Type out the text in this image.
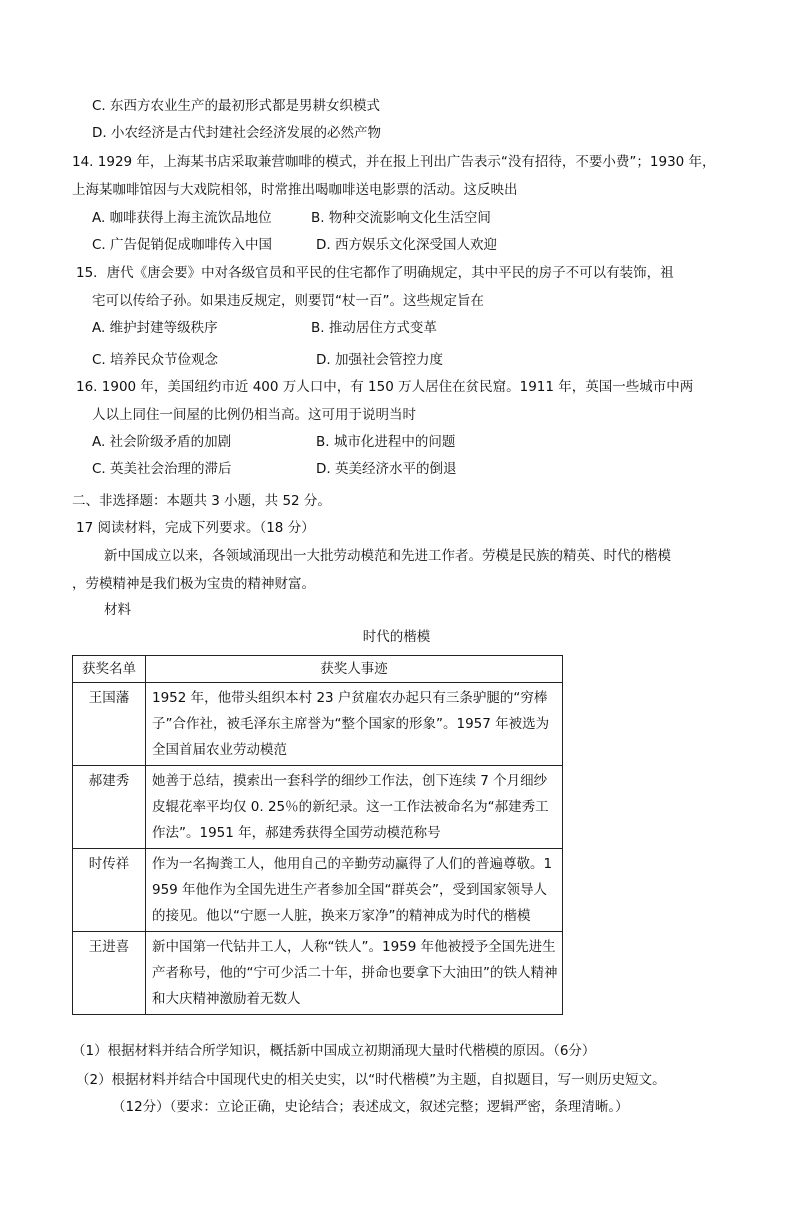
C. 东西方农业生产的最初形式都是男耕女织模式
D. 小农经济是古代封建社会经济发展的必然产物
14. 1929 年，上海某书店采取兼营咖啡的模式，并在报上刊出广告表示“没有招待，不要小费”；1930 年，
上海某咖啡馆因与大戏院相邻，时常推出喝咖啡送电影票的活动。这反映出
A. 咖啡获得上海主流饮品地位	B. 物种交流影响文化生活空间
C. 广告促销促成咖啡传入中国	D. 西方娱乐文化深受国人欢迎
15．唐代《唐会要》中对各级官员和平民的住宅都作了明确规定，其中平民的房子不可以有装饰，祖
宅可以传给子孙。如果违反规定，则要罚“杖一百”。这些规定旨在
A. 维护封建等级秩序	B. 推动居住方式变革
C. 培养民众节俭观念	D. 加强社会管控力度
16. 1900 年，美国纽约市近 400 万人口中，有 150 万人居住在贫民窟。1911 年，英国一些城市中两
人以上同住一间屋的比例仍相当高。这可用于说明当时
A. 社会阶级矛盾的加剧	B. 城市化进程中的问题
C. 英美社会治理的滞后	D. 英美经济水平的倒退
二、非选择题：本题共 3 小题，共 52 分。
17 阅读材料，完成下列要求。（18 分）
新中国成立以来，各领域涌现出一大批劳动模范和先进工作者。劳模是民族的精英、时代的楷模
，劳模精神是我们极为宝贵的精神财富。
材料
时代的楷模
获奖名单	获奖人事迹
王国藩	1952 年，他带头组织本村 23 户贫雇农办起只有三条驴腿的“穷棒子”合作社，被毛泽东主席誉为“整个国家的形象”。1957 年被选为全国首届农业劳动模范
郝建秀	她善于总结，摸索出一套科学的细纱工作法，创下连续 7 个月细纱皮辊花率平均仅 0. 25％的新纪录。这一工作法被命名为“郝建秀工作法”。1951 年，郝建秀获得全国劳动模范称号
时传祥	作为一名掏粪工人，他用自己的辛勤劳动赢得了人们的普遍尊敬。1959 年他作为全国先进生产者参加全国“群英会”，受到国家领导人的接见。他以“宁愿一人脏，换来万家净”的精神成为时代的楷模
王进喜	新中国第一代钻井工人，人称“铁人”。1959 年他被授予全国先进生产者称号，他的“宁可少活二十年，拼命也要拿下大油田”的铁人精神和大庆精神激励着无数人
（1）根据材料并结合所学知识，概括新中国成立初期涌现大量时代楷模的原因。（6分）
（2）根据材料并结合中国现代史的相关史实，以“时代楷模”为主题，自拟题目，写一则历史短文。
（12分）（要求：立论正确，史论结合；表述成文，叙述完整；逻辑严密，条理清晰。）
